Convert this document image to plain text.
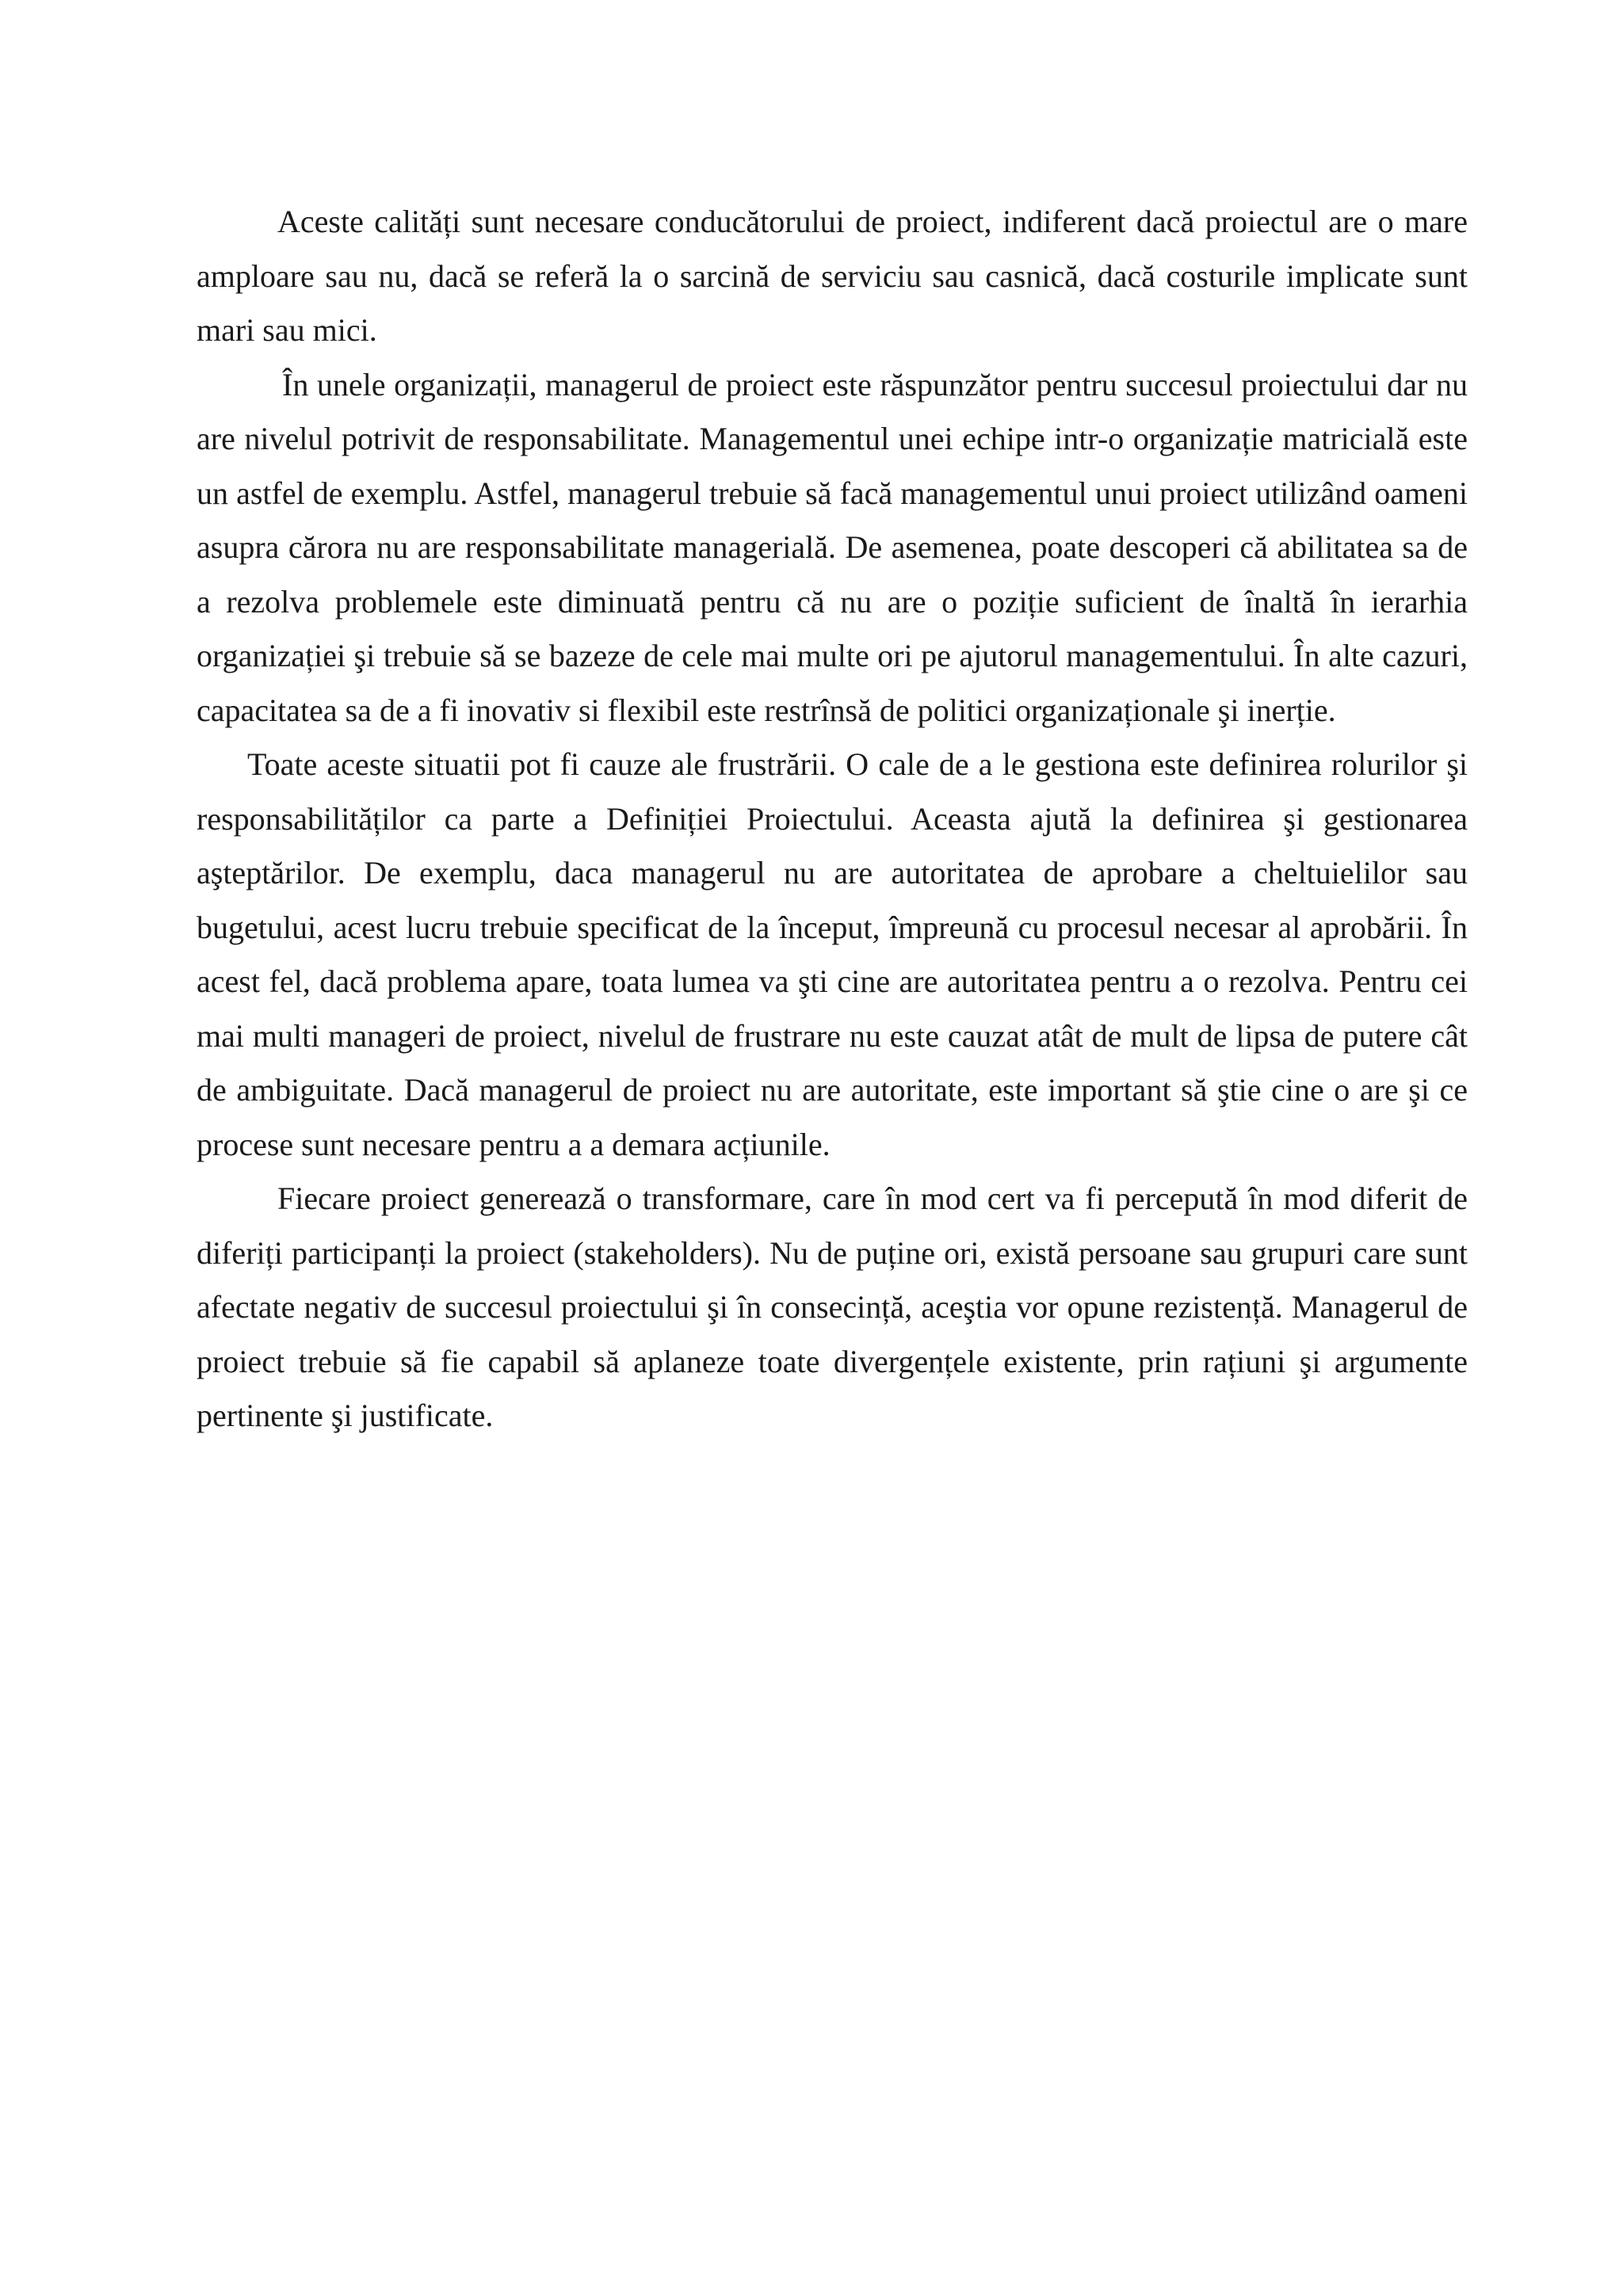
Aceste calități sunt necesare conducătorului de proiect, indiferent dacă proiectul are o mare amploare sau nu, dacă se referă la o sarcină de serviciu sau casnică, dacă costurile implicate sunt mari sau mici.

În unele organizații, managerul de proiect este răspunzător pentru succesul proiectului dar nu are nivelul potrivit de responsabilitate. Managementul unei echipe intr-o organizație matricială este un astfel de exemplu. Astfel, managerul trebuie să facă managementul unui proiect utilizând oameni asupra cărora nu are responsabilitate managerială. De asemenea, poate descoperi că abilitatea sa de a rezolva problemele este diminuată pentru că nu are o poziție suficient de înaltă în ierarhia organizației şi trebuie să se bazeze de cele mai multe ori pe ajutorul managementului. În alte cazuri, capacitatea sa de a fi inovativ si flexibil este restrînsă de politici organizaționale şi inerție.

Toate aceste situatii pot fi cauze ale frustrării. O cale de a le gestiona este definirea rolurilor şi responsabilităților ca parte a Definiției Proiectului. Aceasta ajută la definirea şi gestionarea aşteptărilor. De exemplu, daca managerul nu are autoritatea de aprobare a cheltuielilor sau bugetului, acest lucru trebuie specificat de la început, împreună cu procesul necesar al aprobării. În acest fel, dacă problema apare, toata lumea va şti cine are autoritatea pentru a o rezolva. Pentru cei mai multi manageri de proiect, nivelul de frustrare nu este cauzat atât de mult de lipsa de putere cât de ambiguitate. Dacă managerul de proiect nu are autoritate, este important să ştie cine o are şi ce procese sunt necesare pentru a a demara acțiunile.

Fiecare proiect generează o transformare, care în mod cert va fi percepută în mod diferit de diferiți participanți la proiect (stakeholders). Nu de puține ori, există persoane sau grupuri care sunt afectate negativ de succesul proiectului şi în consecință, aceştia vor opune rezistență. Managerul de proiect trebuie să fie capabil să aplaneze toate divergențele existente, prin rațiuni şi argumente pertinente şi justificate.
